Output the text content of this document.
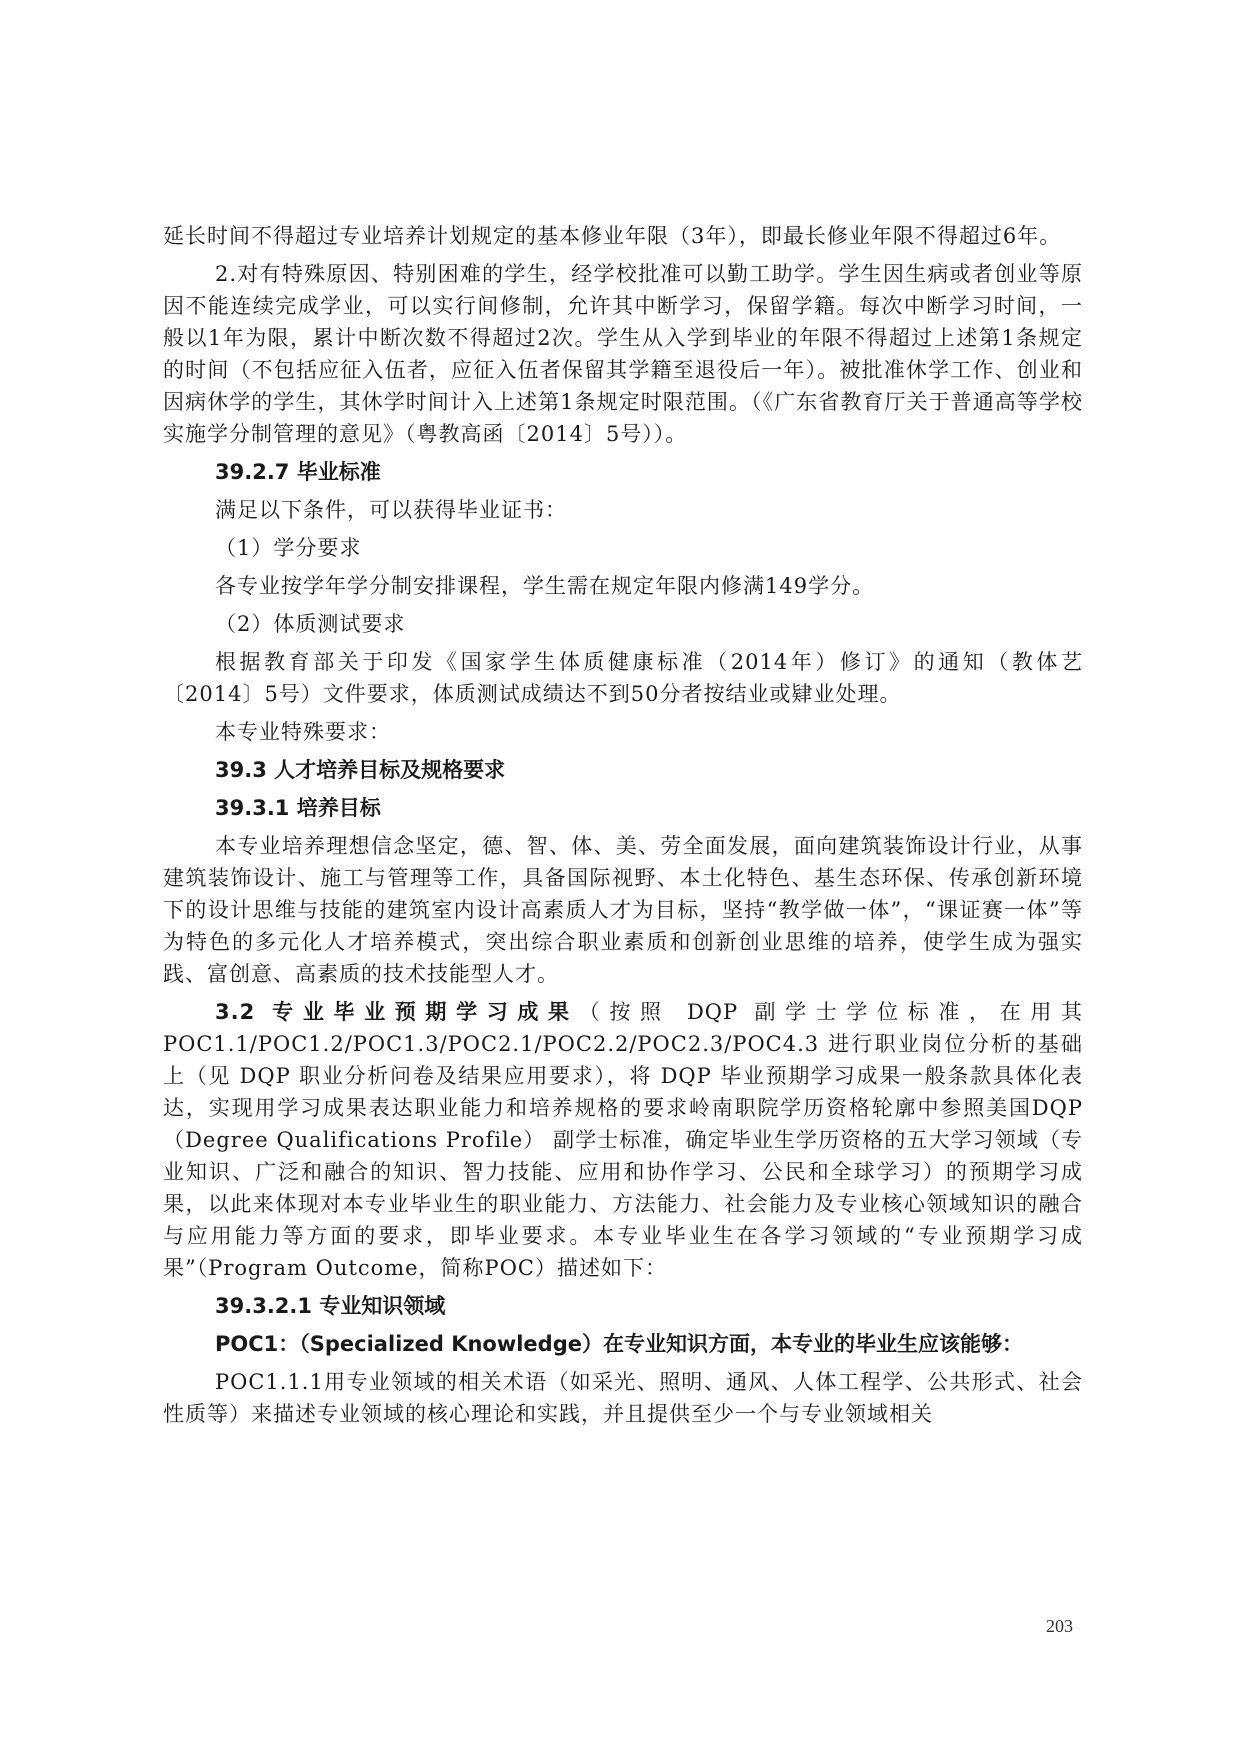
延长时间不得超过专业培养计划规定的基本修业年限（3年），即最长修业年限不得超过6年。

2.对有特殊原因、特别困难的学生，经学校批准可以勤工助学。学生因生病或者创业等原因不能连续完成学业，可以实行间修制，允许其中断学习，保留学籍。每次中断学习时间，一般以1年为限，累计中断次数不得超过2次。学生从入学到毕业的年限不得超过上述第1条规定的时间（不包括应征入伍者，应征入伍者保留其学籍至退役后一年）。被批准休学工作、创业和因病休学的学生，其休学时间计入上述第1条规定时限范围。（《广东省教育厅关于普通高等学校实施学分制管理的意见》（粤教高函〔2014〕5号））。

39.2.7 毕业标准

满足以下条件，可以获得毕业证书：

（1）学分要求

各专业按学年学分制安排课程，学生需在规定年限内修满149学分。

（2）体质测试要求

根据教育部关于印发《国家学生体质健康标准（2014年）修订》的通知（教体艺〔2014〕5号）文件要求，体质测试成绩达不到50分者按结业或肄业处理。

本专业特殊要求：

39.3 人才培养目标及规格要求
39.3.1 培养目标

本专业培养理想信念坚定，德、智、体、美、劳全面发展，面向建筑装饰设计行业，从事建筑装饰设计、施工与管理等工作，具备国际视野、本土化特色、基生态环保、传承创新环境下的设计思维与技能的建筑室内设计高素质人才为目标，坚持“教学做一体”，“课证赛一体”等为特色的多元化人才培养模式，突出综合职业素质和创新创业思维的培养，使学生成为强实践、富创意、高素质的技术技能型人才。

3.2 专业毕业预期学习成果（按照 DQP 副学士学位标准，在用其 POC1.1/POC1.2/POC1.3/POC2.1/POC2.2/POC2.3/POC4.3 进行职业岗位分析的基础上（见 DQP 职业分析问卷及结果应用要求），将 DQP 毕业预期学习成果一般条款具体化表达，实现用学习成果表达职业能力和培养规格的要求岭南职院学历资格轮廓中参照美国DQP（Degree Qualifications Profile） 副学士标准，确定毕业生学历资格的五大学习领域（专业知识、广泛和融合的知识、智力技能、应用和协作学习、公民和全球学习）的预期学习成果，以此来体现对本专业毕业生的职业能力、方法能力、社会能力及专业核心领域知识的融合与应用能力等方面的要求，即毕业要求。本专业毕业生在各学习领域的“专业预期学习成果”（Program Outcome，简称POC）描述如下：

39.3.2.1 专业知识领域
POC1：（Specialized Knowledge）在专业知识方面，本专业的毕业生应该能够：

POC1.1.1用专业领域的相关术语（如采光、照明、通风、人体工程学、公共形式、社会性质等）来描述专业领域的核心理论和实践，并且提供至少一个与专业领域相关

203
